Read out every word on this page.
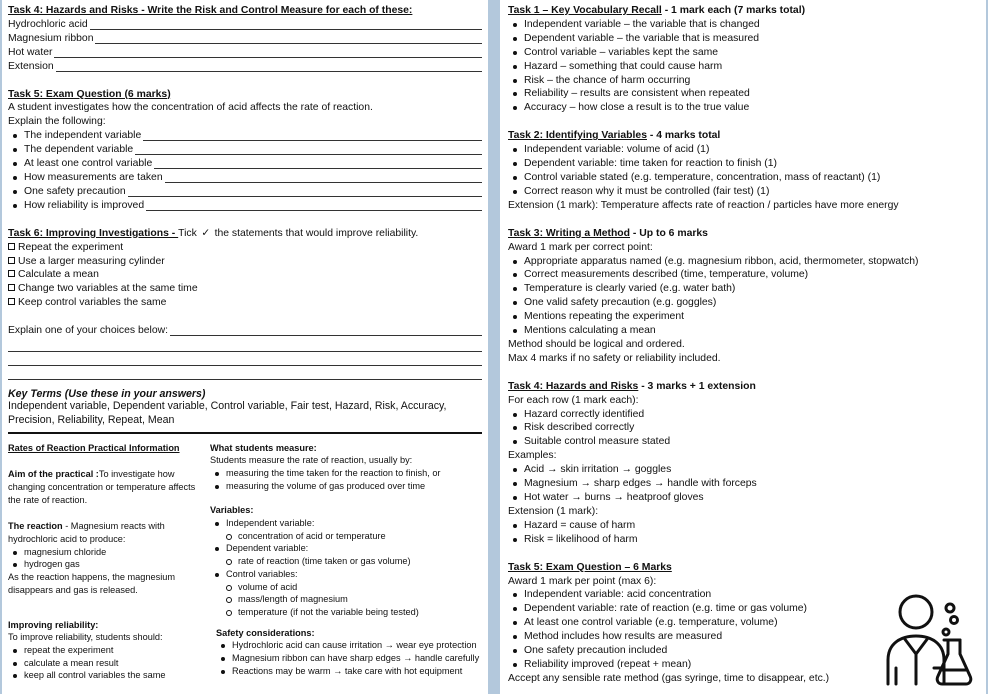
Task 4: Hazards and Risks - Write the Risk and Control Measure for each of these:
Hydrochloric acid
Magnesium ribbon
Hot water
Extension
Task 5: Exam Question (6 marks)
A student investigates how the concentration of acid affects the rate of reaction.
Explain the following:
The independent variable
The dependent variable
At least one control variable
How measurements are taken
One safety precaution
How reliability is improved
Task 6: Improving Investigations - Tick ✓ the statements that would improve reliability.
Repeat the experiment
Use a larger measuring cylinder
Calculate a mean
Change two variables at the same time
Keep control variables the same
Explain one of your choices below:
Key Terms (Use these in your answers)
Independent variable, Dependent variable, Control variable, Fair test, Hazard, Risk, Accuracy, Precision, Reliability, Repeat, Mean
Rates of Reaction Practical Information
Aim of the practical :To investigate how changing concentration or temperature affects the rate of reaction.
The reaction - Magnesium reacts with hydrochloric acid to produce:
magnesium chloride
hydrogen gas
As the reaction happens, the magnesium disappears and gas is released.
Improving reliability:
To improve reliability, students should:
repeat the experiment
calculate a mean result
keep all control variables the same
What students measure:
Students measure the rate of reaction, usually by:
measuring the time taken for the reaction to finish, or
measuring the volume of gas produced over time
Variables:
Independent variable:
concentration of acid or temperature
Dependent variable:
rate of reaction (time taken or gas volume)
Control variables:
volume of acid
mass/length of magnesium
temperature (if not the variable being tested)
Safety considerations:
Hydrochloric acid can cause irritation → wear eye protection
Magnesium ribbon can have sharp edges → handle carefully
Reactions may be warm → take care with hot equipment
Task 1 – Key Vocabulary Recall - 1 mark each (7 marks total)
Independent variable – the variable that is changed
Dependent variable – the variable that is measured
Control variable – variables kept the same
Hazard – something that could cause harm
Risk – the chance of harm occurring
Reliability – results are consistent when repeated
Accuracy – how close a result is to the true value
Task 2: Identifying Variables - 4 marks total
Independent variable: volume of acid (1)
Dependent variable: time taken for reaction to finish (1)
Control variable stated (e.g. temperature, concentration, mass of reactant) (1)
Correct reason why it must be controlled (fair test) (1)
Extension (1 mark): Temperature affects rate of reaction / particles have more energy
Task 3: Writing a Method - Up to 6 marks
Award 1 mark per correct point:
Appropriate apparatus named (e.g. magnesium ribbon, acid, thermometer, stopwatch)
Correct measurements described (time, temperature, volume)
Temperature is clearly varied (e.g. water bath)
One valid safety precaution (e.g. goggles)
Mentions repeating the experiment
Mentions calculating a mean
Method should be logical and ordered.
Max 4 marks if no safety or reliability included.
Task 4: Hazards and Risks - 3 marks + 1 extension
For each row (1 mark each):
Hazard correctly identified
Risk described correctly
Suitable control measure stated
Examples:
Acid → skin irritation → goggles
Magnesium → sharp edges → handle with forceps
Hot water → burns → heatproof gloves
Extension (1 mark):
Hazard = cause of harm
Risk = likelihood of harm
Task 5: Exam Question – 6 Marks
Award 1 mark per point (max 6):
Independent variable: acid concentration
Dependent variable: rate of reaction (e.g. time or gas volume)
At least one control variable (e.g. temperature, volume)
Method includes how results are measured
One safety precaution included
Reliability improved (repeat + mean)
Accept any sensible rate method (gas syringe, time to disappear, etc.)
